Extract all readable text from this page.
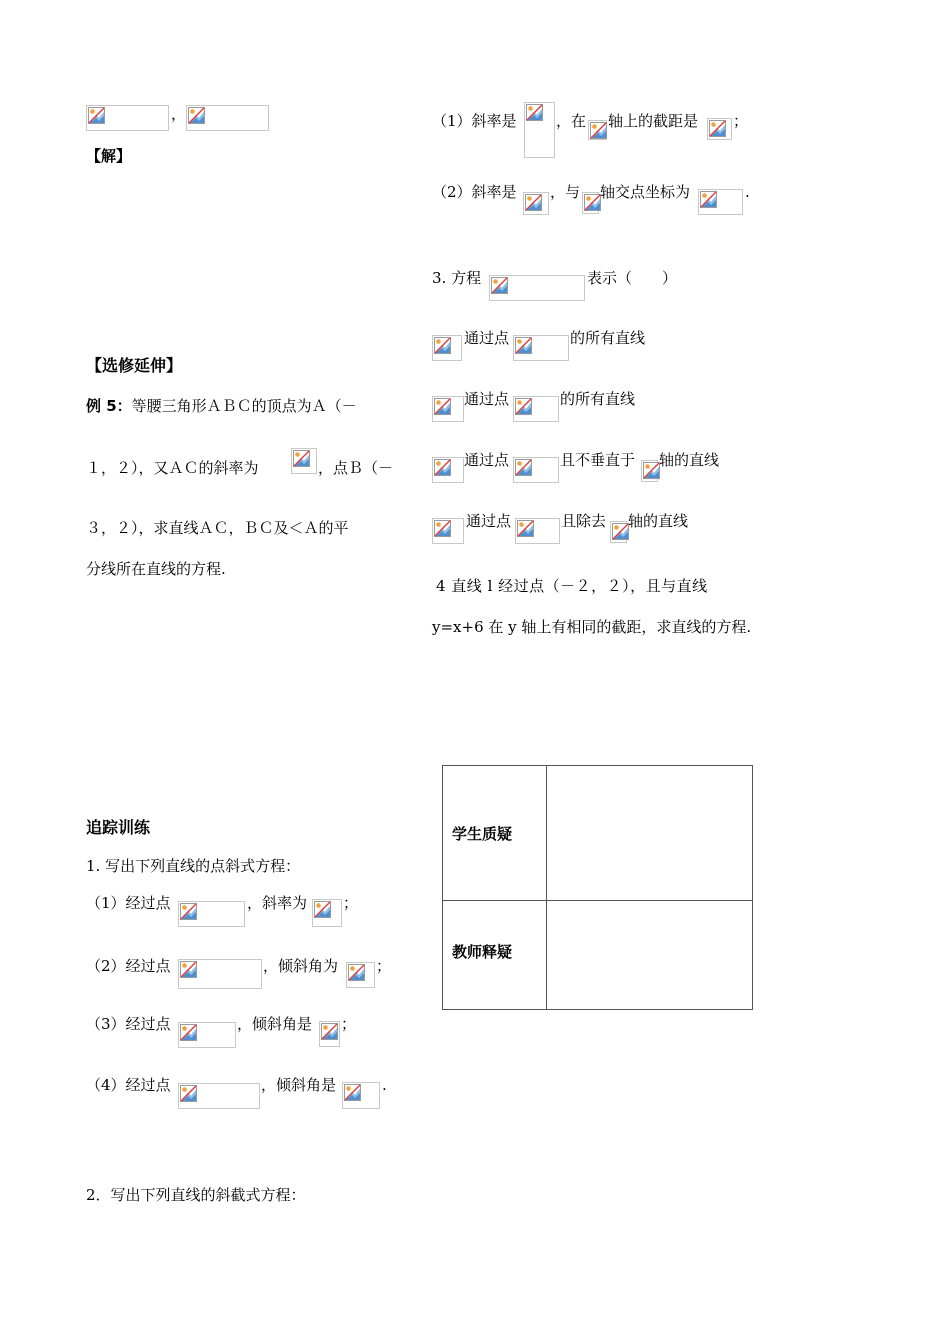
，
【解】
【选修延伸】
例 5：等腰三角形ＡＢＣ的顶点为Ａ（－
１，２），又ＡＣ的斜率为	，点Ｂ（－
３，２），求直线ＡＣ，ＢＣ及＜Ａ的平
分线所在直线的方程.
追踪训练
1. 写出下列直线的点斜式方程：
（1）经过点	，斜率为 ；
（2）经过点	，倾斜角为	；
（3）经过点	，倾斜角是 ；
（4）经过点	，倾斜角是	.
2．写出下列直线的斜截式方程：
（1）斜率是	，在 轴上的截距是 ；
（2）斜率是 ，与 轴交点坐标为	.
3. 方程	表示（　　）
通过点	的所有直线
通过点	的所有直线
通过点	且不垂直于 轴的直线
通过点	且除去 轴的直线
4 直线 l 经过点（－２，２），且与直线
y=x+6 在 y 轴上有相同的截距，求直线的方程.
学生质疑	
教师释疑	
